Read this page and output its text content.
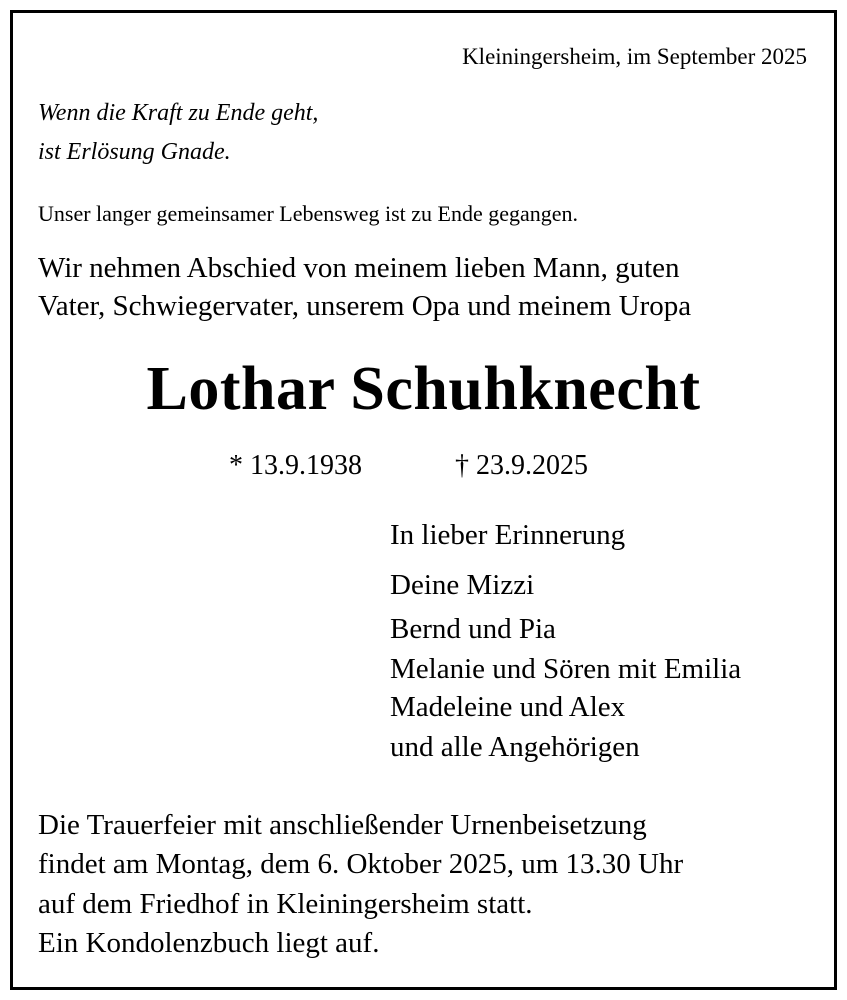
Kleiningersheim, im September 2025
Wenn die Kraft zu Ende geht,
ist Erlösung Gnade.
Unser langer gemeinsamer Lebensweg ist zu Ende gegangen.
Wir nehmen Abschied von meinem lieben Mann, guten
Vater, Schwiegervater, unserem Opa und meinem Uropa
Lothar Schuhknecht
* 13.9.1938	† 23.9.2025
In lieber Erinnerung
Deine Mizzi
Bernd und Pia
Melanie und Sören mit Emilia
Madeleine und Alex
und alle Angehörigen
Die Trauerfeier mit anschließender Urnenbeisetzung
findet am Montag, dem 6. Oktober 2025, um 13.30 Uhr
auf dem Friedhof in Kleiningersheim statt.
Ein Kondolenzbuch liegt auf.
